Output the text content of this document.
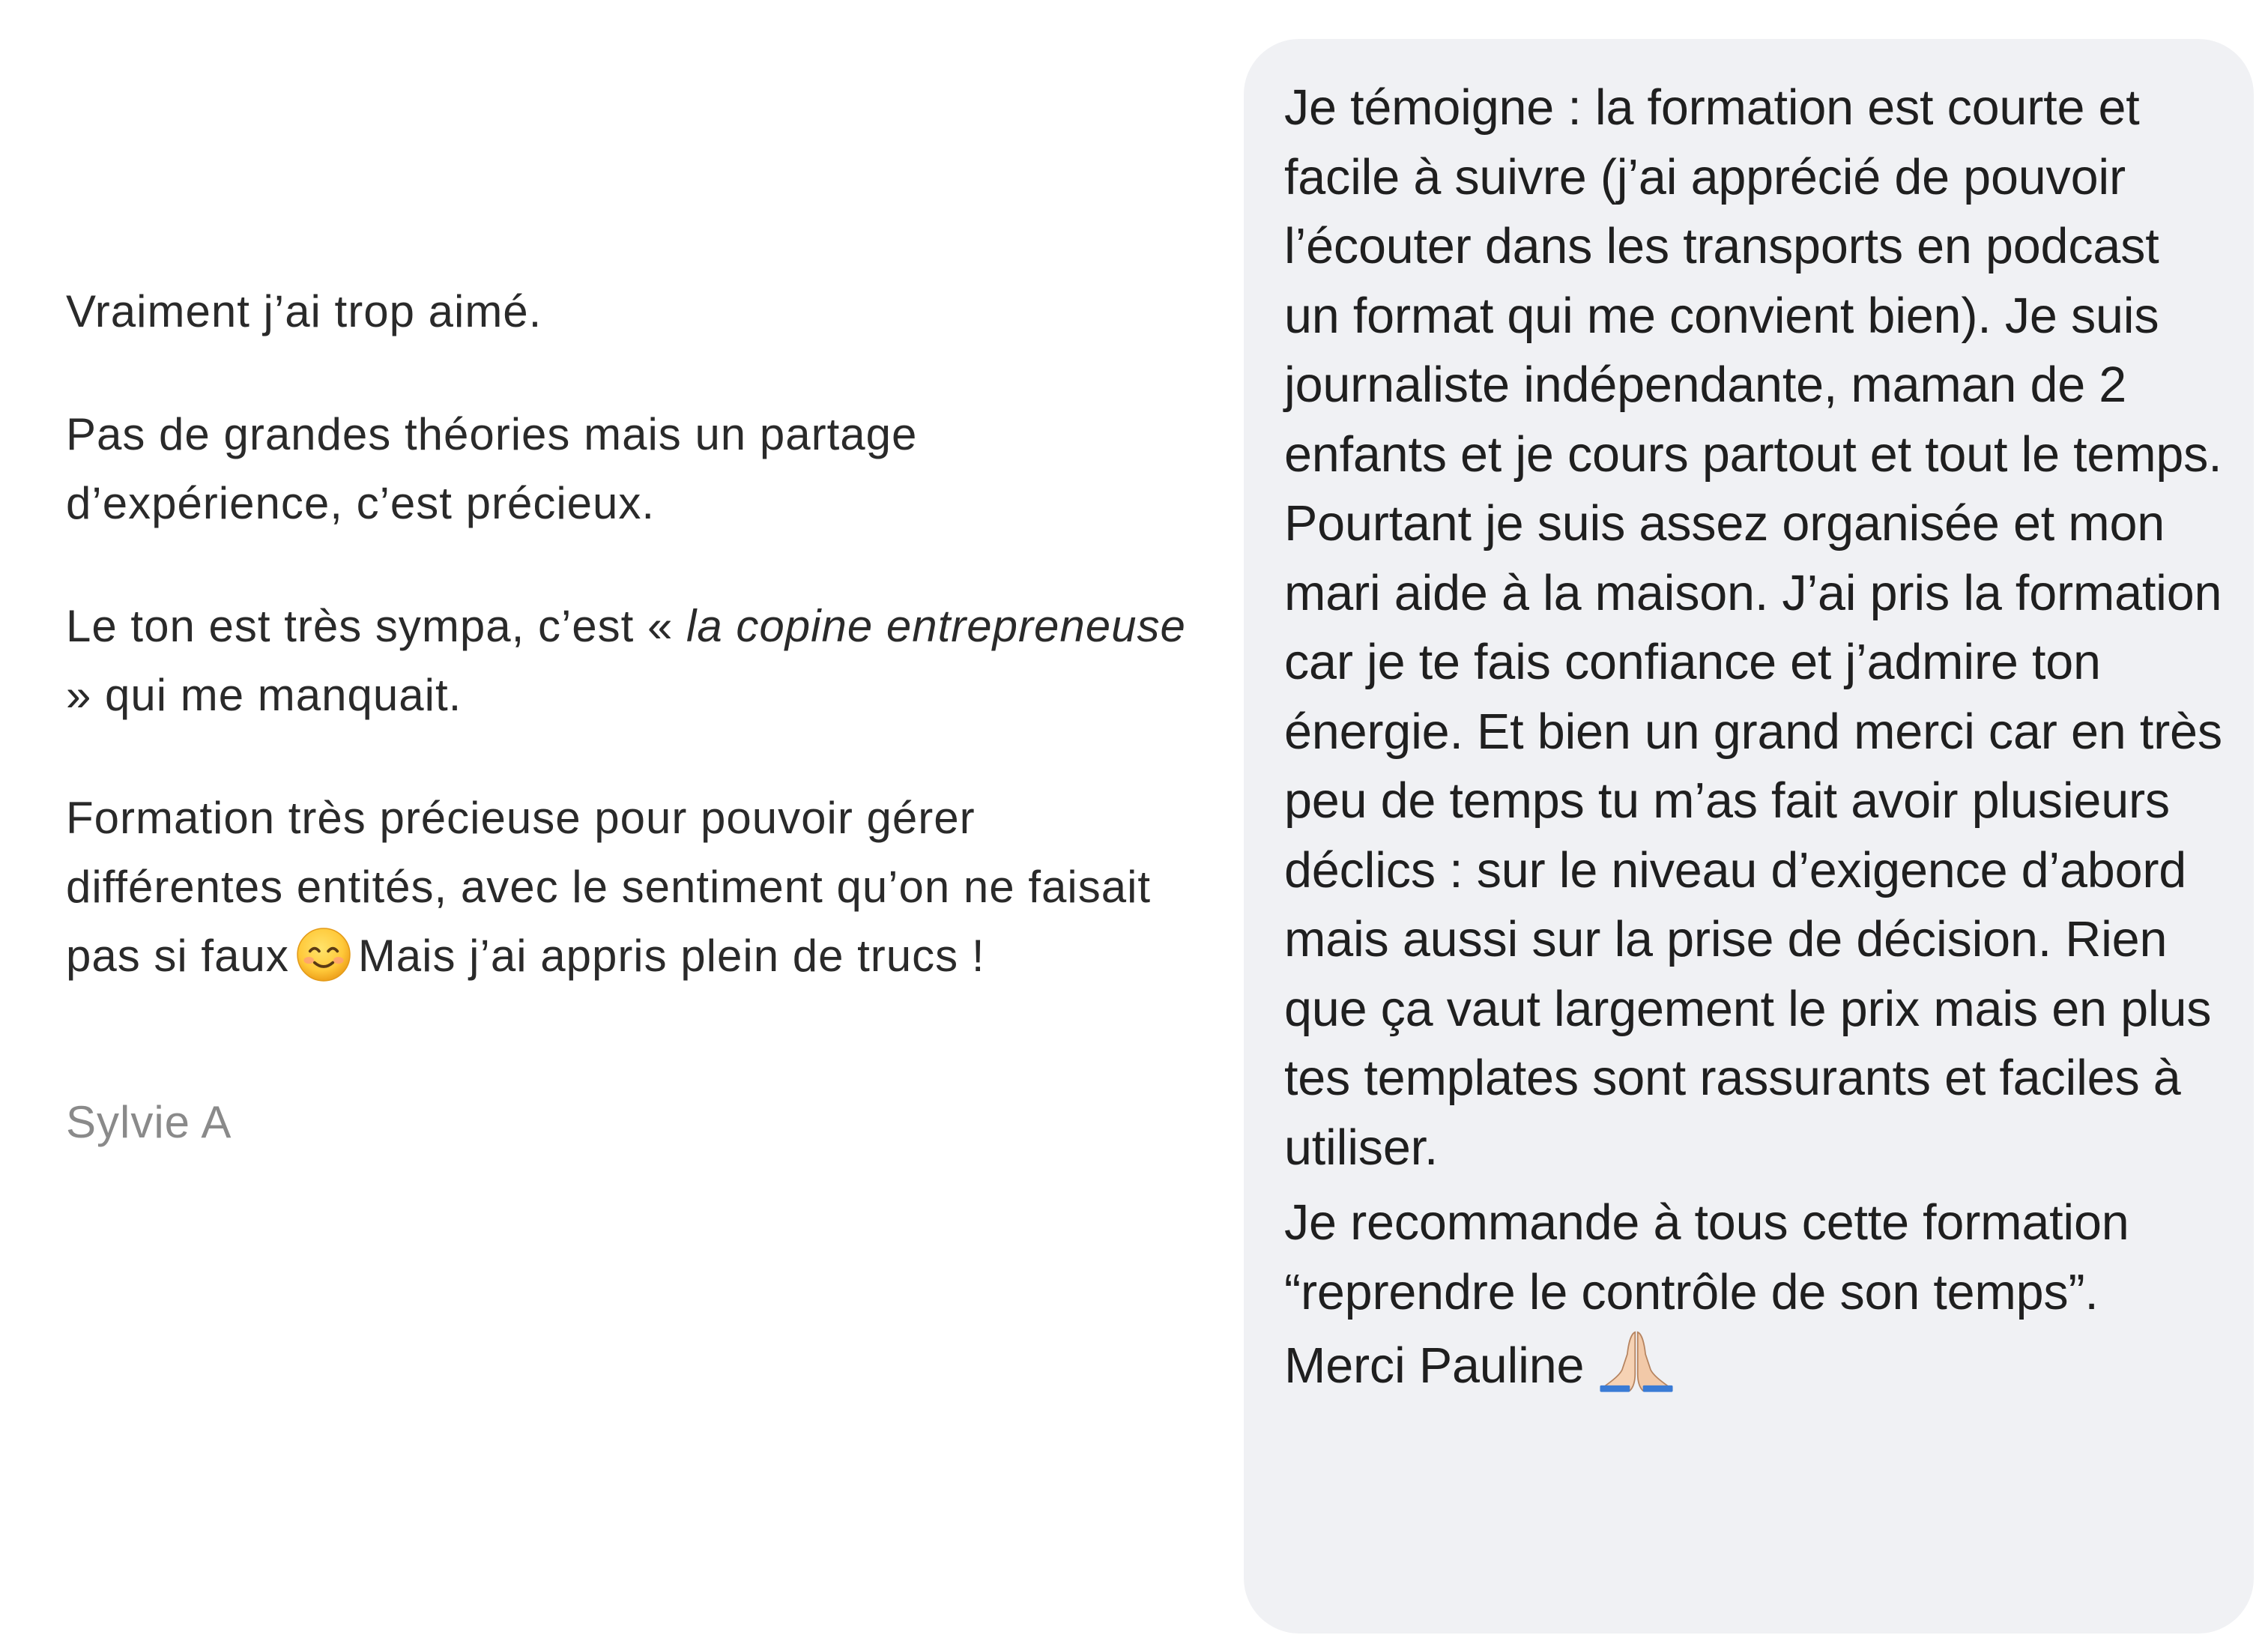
Vraiment j’ai trop aimé.

Pas de grandes théories mais un partage d’expérience, c’est précieux.

Le ton est très sympa, c’est « la copine entrepreneuse » qui me manquait.

Formation très précieuse pour pouvoir gérer différentes entités, avec le sentiment qu’on ne faisait pas si faux Mais j’ai appris plein de trucs !

Sylvie A

Je témoigne : la formation est courte et facile à suivre (j’ai apprécié de pouvoir l’écouter dans les transports en podcast un format qui me convient bien). Je suis journaliste indépendante, maman de 2 enfants et je cours partout et tout le temps. Pourtant je suis assez organisée et mon mari aide à la maison. J’ai pris la formation car je te fais confiance et j’admire ton énergie. Et bien un grand merci car en très peu de temps tu m’as fait avoir plusieurs déclics : sur le niveau d’exigence d’abord mais aussi sur la prise de décision. Rien que ça vaut largement le prix mais en plus tes templates sont rassurants et faciles à utiliser.

Je recommande à tous cette formation “reprendre le contrôle de son temps”. Merci Pauline
